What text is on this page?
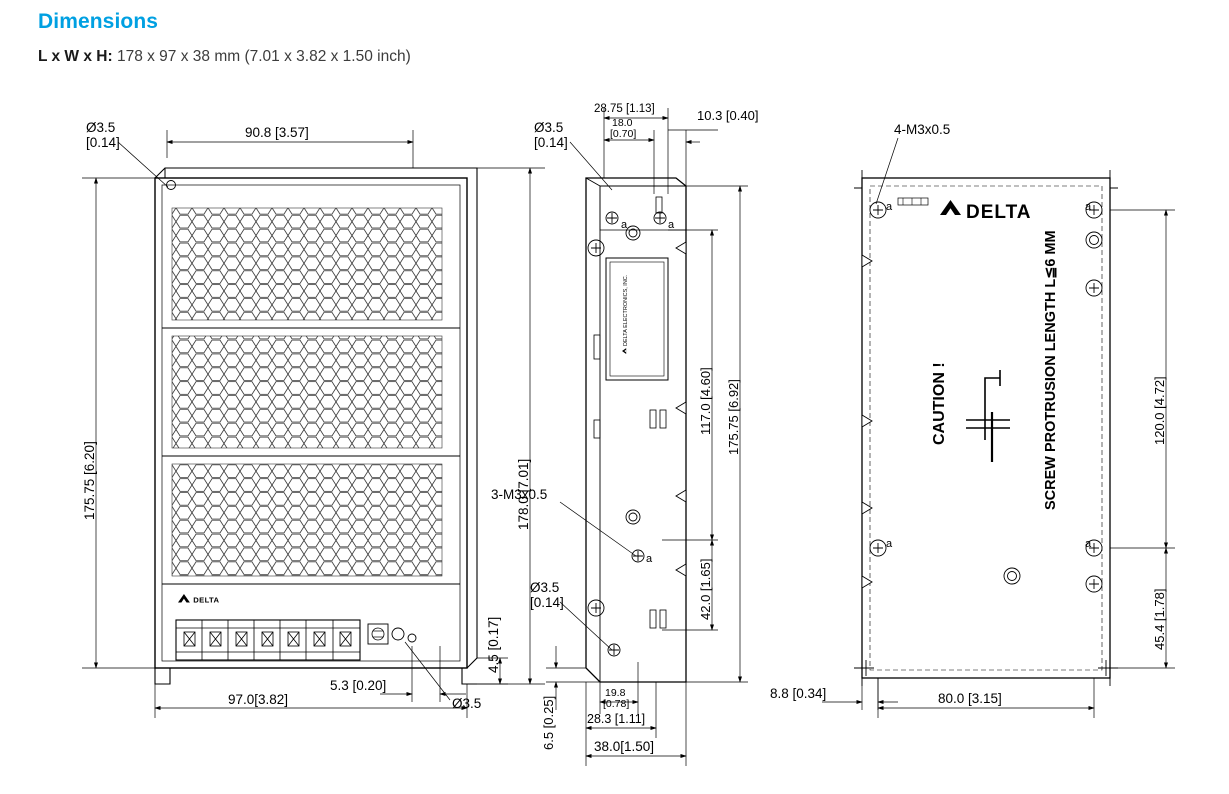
Dimensions
L x W x H: 178 x 97 x 38 mm (7.01 x 3.82 x 1.50 inch)
DELTA
Ø3.5
[0.14]
90.8 [3.57]
175.75 [6.20]	178.0 [7.01]
4.5 [0.17]
5.3 [0.20]
97.0[3.82]	Ø3.5
DELTA ELECTRONICS, INC.
Ø3.5
[0.14]
28.75 [1.13]
18.0
[0.70]
10.3 [0.40]
3-M3x0.5
a	a
a
117.0 [4.60] 175.75 [6.92]
42.0 [1.65]
Ø3.5
[0.14]
6.5 [0.25]
19.8
[0.78]
28.3 [1.11]
38.0[1.50]
DELTA
4-M3x0.5
a	a
a	a
CAUTION !	SCREW PROTRUSION LENGTH L≦6 MM	120.0 [4.72]
45.4 [1.78]
8.8 [0.34]	80.0 [3.15]
